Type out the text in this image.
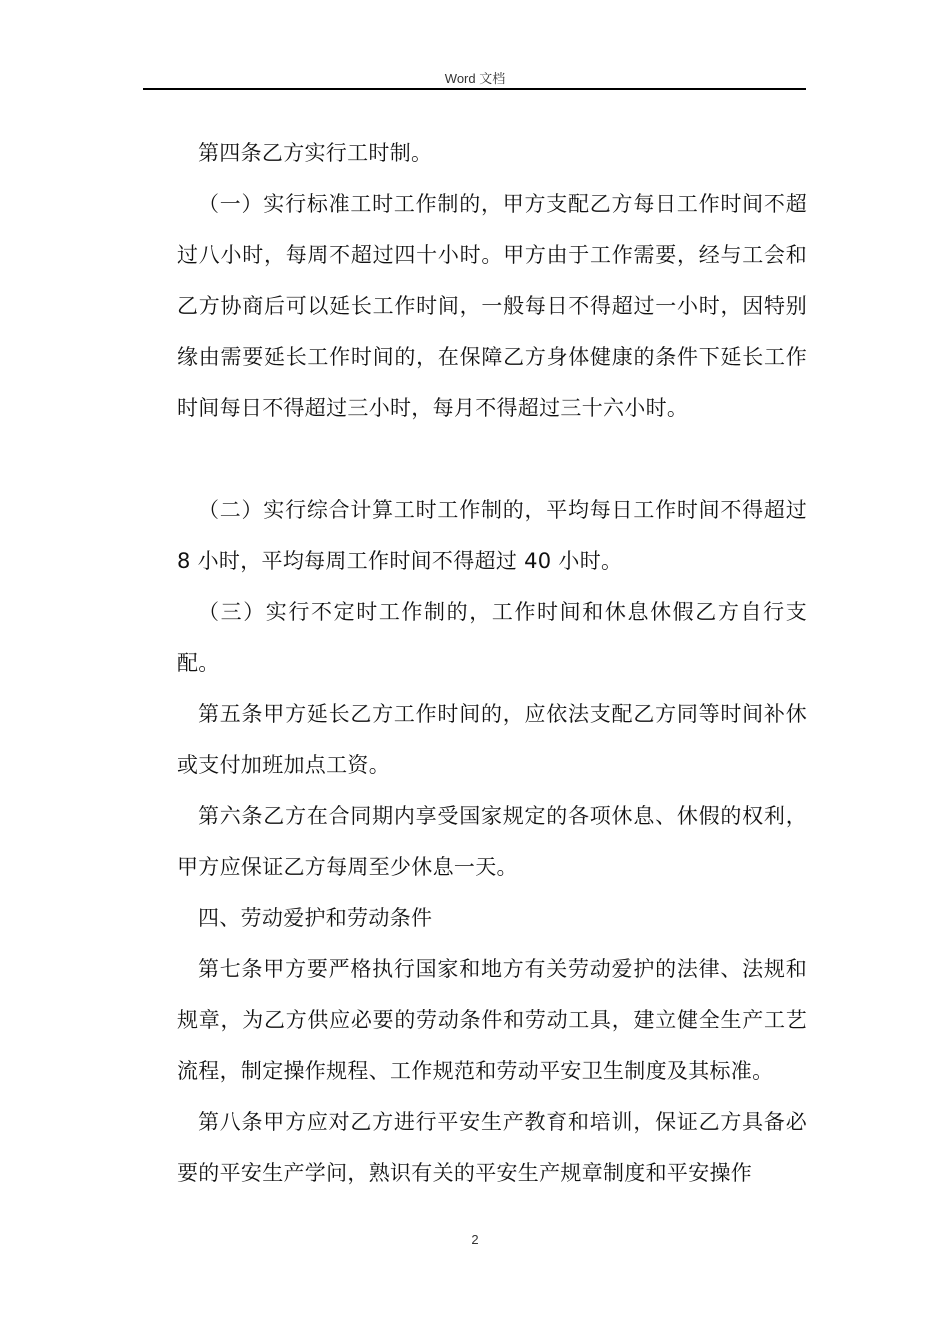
Word 文档

第四条乙方实行工时制。

（一）实行标准工时工作制的，甲方支配乙方每日工作时间不超过八小时，每周不超过四十小时。甲方由于工作需要，经与工会和乙方协商后可以延长工作时间，一般每日不得超过一小时，因特别缘由需要延长工作时间的，在保障乙方身体健康的条件下延长工作时间每日不得超过三小时，每月不得超过三十六小时。

（二）实行综合计算工时工作制的，平均每日工作时间不得超过 8 小时，平均每周工作时间不得超过 40 小时。

（三）实行不定时工作制的，工作时间和休息休假乙方自行支配。

第五条甲方延长乙方工作时间的，应依法支配乙方同等时间补休或支付加班加点工资。

第六条乙方在合同期内享受国家规定的各项休息、休假的权利，甲方应保证乙方每周至少休息一天。

四、劳动爱护和劳动条件

第七条甲方要严格执行国家和地方有关劳动爱护的法律、法规和规章，为乙方供应必要的劳动条件和劳动工具，建立健全生产工艺流程，制定操作规程、工作规范和劳动平安卫生制度及其标准。

第八条甲方应对乙方进行平安生产教育和培训，保证乙方具备必要的平安生产学问，熟识有关的平安生产规章制度和平安操作

2
